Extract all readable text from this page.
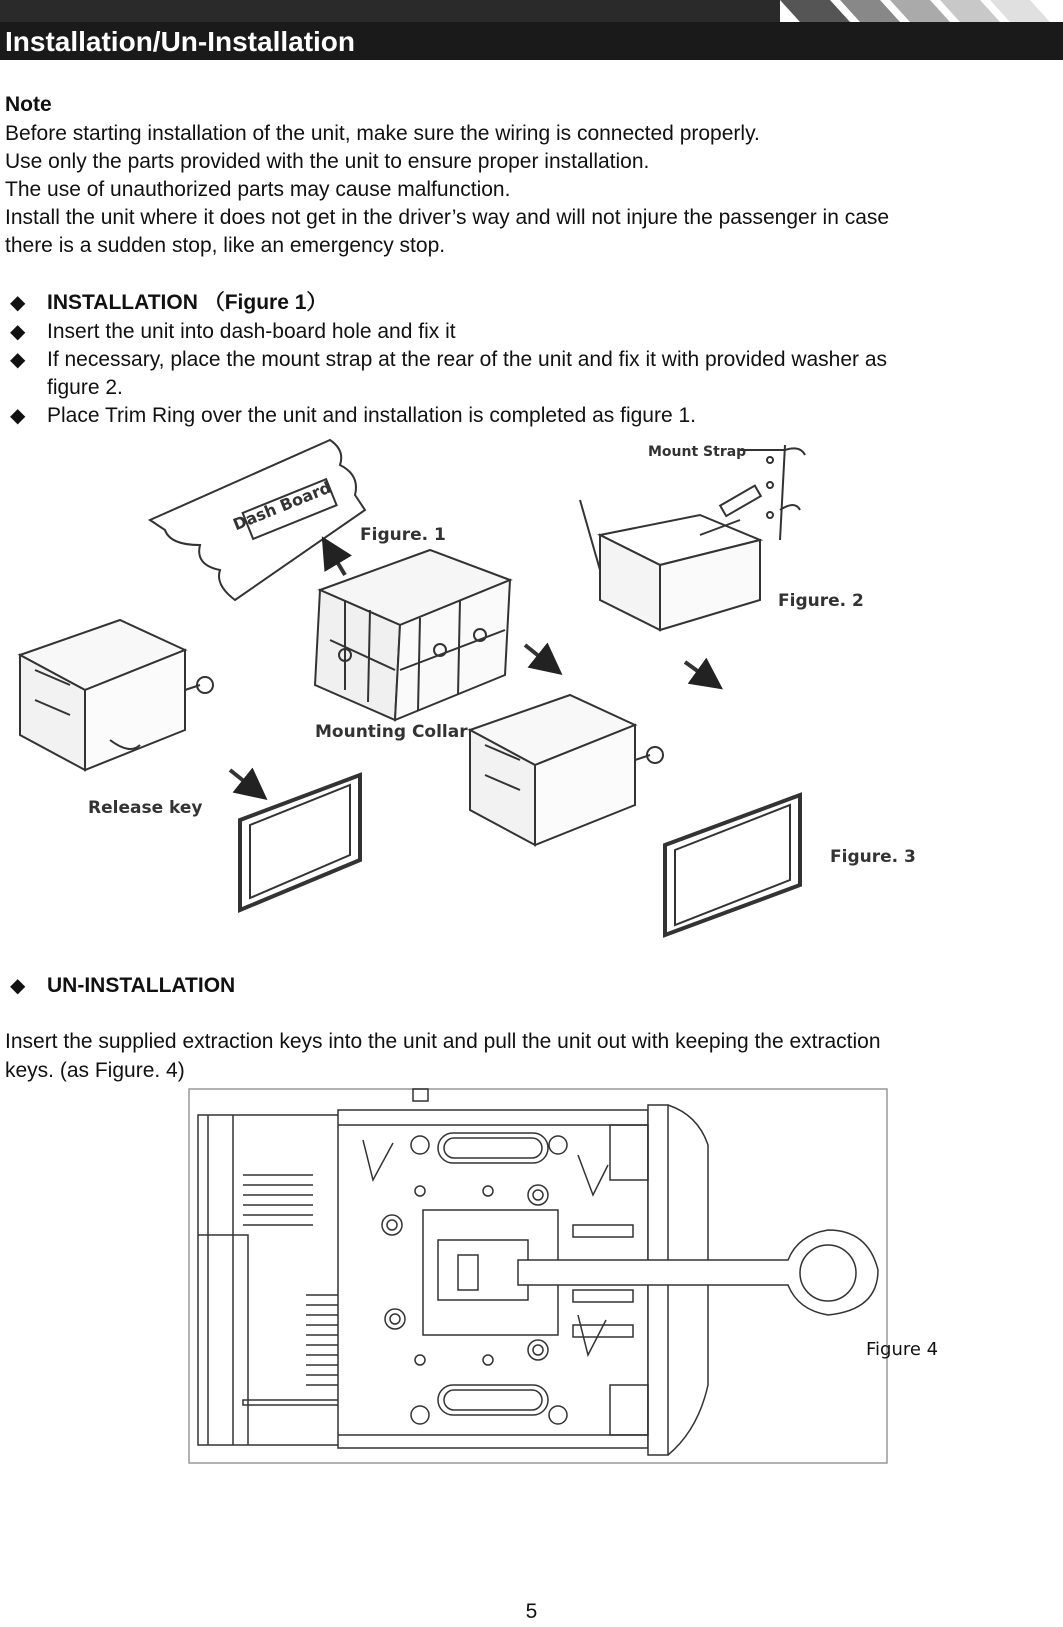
Installation/Un-Installation
Note
Before starting installation of the unit, make sure the wiring is connected properly.
Use only the parts provided with the unit to ensure proper installation.
The use of unauthorized parts may cause malfunction.
Install the unit where it does not get in the driver’s way and will not injure the passenger in case
there is a sudden stop, like an emergency stop.
◆ INSTALLATION （Figure 1）
◆ Insert the unit into dash-board hole and fix it
◆ If necessary, place the mount strap at the rear of the unit and fix it with provided washer as
figure 2.
◆ Place Trim Ring over the unit and installation is completed as figure 1.
Dash Board
Figure. 1
Mount Strap
Figure. 2
Mounting Collar
Release key
Figure. 3
◆ UN-INSTALLATION
Insert the supplied extraction keys into the unit and pull the unit out with keeping the extraction
keys. (as Figure. 4)
Figure 4
5
